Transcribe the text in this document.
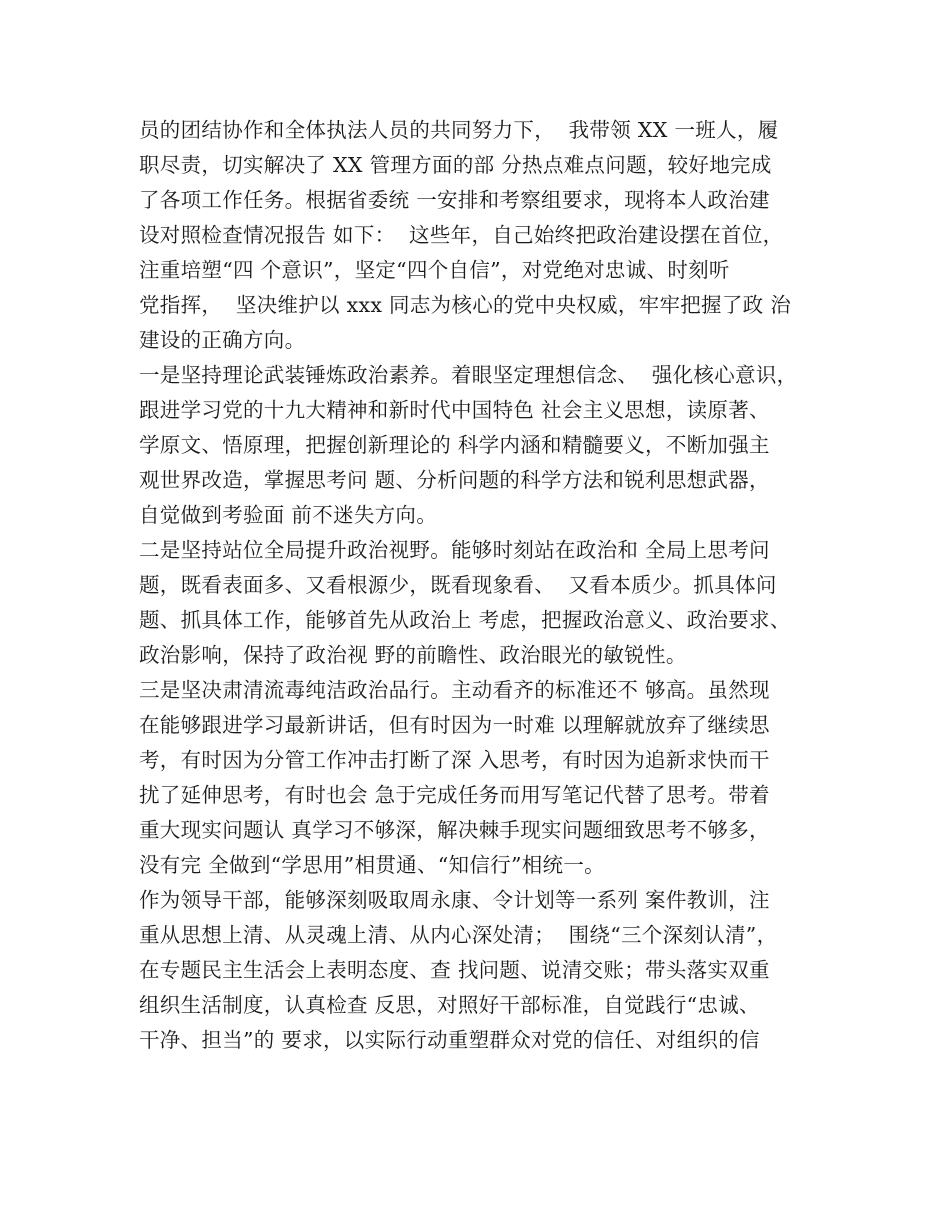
员的团结协作和全体执法人员的共同努力下，  我带领 XX 一班人，履
职尽责，切实解决了 XX 管理方面的部 分热点难点问题，较好地完成
了各项工作任务。根据省委统 一安排和考察组要求，现将本人政治建
设对照检查情况报告 如下：  这些年，自己始终把政治建设摆在首位，
注重培塑“四 个意识”，坚定“四个自信”，对党绝对忠诚、时刻听
党指挥，  坚决维护以 xxx 同志为核心的党中央权威，牢牢把握了政 治
建设的正确方向。
一是坚持理论武装锤炼政治素养。着眼坚定理想信念、  强化核心意识，
跟进学习党的十九大精神和新时代中国特色 社会主义思想，读原著、
学原文、悟原理，把握创新理论的 科学内涵和精髓要义，不断加强主
观世界改造，掌握思考问 题、分析问题的科学方法和锐利思想武器，
自觉做到考验面 前不迷失方向。
二是坚持站位全局提升政治视野。能够时刻站在政治和 全局上思考问
题，既看表面多、又看根源少，既看现象看、  又看本质少。抓具体问
题、抓具体工作，能够首先从政治上 考虑，把握政治意义、政治要求、
政治影响，保持了政治视 野的前瞻性、政治眼光的敏锐性。
三是坚决肃清流毒纯洁政治品行。主动看齐的标准还不 够高。虽然现
在能够跟进学习最新讲话，但有时因为一时难 以理解就放弃了继续思
考，有时因为分管工作冲击打断了深 入思考，有时因为追新求快而干
扰了延伸思考，有时也会 急于完成任务而用写笔记代替了思考。带着
重大现实问题认 真学习不够深，解决棘手现实问题细致思考不够多，
没有完 全做到“学思用”相贯通、“知信行”相统一。
作为领导干部，能够深刻吸取周永康、令计划等一系列 案件教训，注
重从思想上清、从灵魂上清、从内心深处清；  围绕“三个深刻认清”，
在专题民主生活会上表明态度、查 找问题、说清交账；带头落实双重
组织生活制度，认真检查 反思，对照好干部标准，自觉践行“忠诚、
干净、担当”的 要求，以实际行动重塑群众对党的信任、对组织的信
